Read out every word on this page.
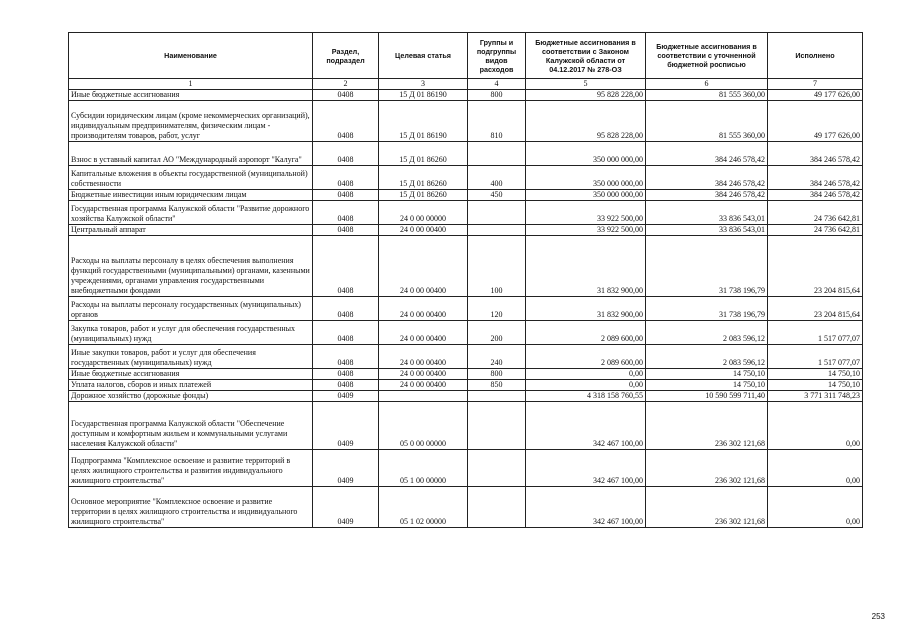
Наименование	Раздел, подраздел	Целевая статья	Группы и подгруппы видов расходов	Бюджетные ассигнования в соответствии с Законом Калужской области от 04.12.2017 № 278-ОЗ	Бюджетные ассигнования в соответствии с уточненной бюджетной росписью	Исполнено
1	2	3	4	5	6	7
Иные бюджетные ассигнования	0408	15 Д 01 86190	800	95 828 228,00	81 555 360,00	49 177 626,00
Субсидии юридическим лицам (кроме некоммерческих организаций), индивидуальным предпринимателям, физическим лицам - производителям товаров, работ, услуг	0408	15 Д 01 86190	810	95 828 228,00	81 555 360,00	49 177 626,00
Взнос в уставный капитал АО "Международный аэропорт "Калуга"	0408	15 Д 01 86260		350 000 000,00	384 246 578,42	384 246 578,42
Капитальные вложения в объекты государственной (муниципальной) собственности	0408	15 Д 01 86260	400	350 000 000,00	384 246 578,42	384 246 578,42
Бюджетные инвестиции иным юридическим лицам	0408	15 Д 01 86260	450	350 000 000,00	384 246 578,42	384 246 578,42
Государственная программа Калужской области "Развитие дорожного хозяйства Калужской области"	0408	24 0 00 00000		33 922 500,00	33 836 543,01	24 736 642,81
Центральный аппарат	0408	24 0 00 00400		33 922 500,00	33 836 543,01	24 736 642,81
Расходы на выплаты персоналу в целях обеспечения выполнения функций государственными (муниципальными) органами, казенными учреждениями, органами управления государственными внебюджетными фондами	0408	24 0 00 00400	100	31 832 900,00	31 738 196,79	23 204 815,64
Расходы на выплаты персоналу государственных (муниципальных) органов	0408	24 0 00 00400	120	31 832 900,00	31 738 196,79	23 204 815,64
Закупка товаров, работ и услуг для обеспечения государственных (муниципальных) нужд	0408	24 0 00 00400	200	2 089 600,00	2 083 596,12	1 517 077,07
Иные закупки товаров, работ и услуг для обеспечения государственных (муниципальных) нужд	0408	24 0 00 00400	240	2 089 600,00	2 083 596,12	1 517 077,07
Иные бюджетные ассигнования	0408	24 0 00 00400	800	0,00	14 750,10	14 750,10
Уплата налогов, сборов и иных платежей	0408	24 0 00 00400	850	0,00	14 750,10	14 750,10
Дорожное хозяйство (дорожные фонды)	0409			4 318 158 760,55	10 590 599 711,40	3 771 311 748,23
Государственная программа Калужской области "Обеспечение доступным и комфортным жильем и коммунальными услугами населения Калужской области"	0409	05 0 00 00000		342 467 100,00	236 302 121,68	0,00
Подпрограмма "Комплексное освоение и развитие территорий в целях жилищного строительства и развития индивидуального жилищного строительства"	0409	05 1 00 00000		342 467 100,00	236 302 121,68	0,00
Основное мероприятие "Комплексное освоение и развитие территории в целях жилищного строительства и индивидуального жилищного строительства"	0409	05 1 02 00000		342 467 100,00	236 302 121,68	0,00
253
